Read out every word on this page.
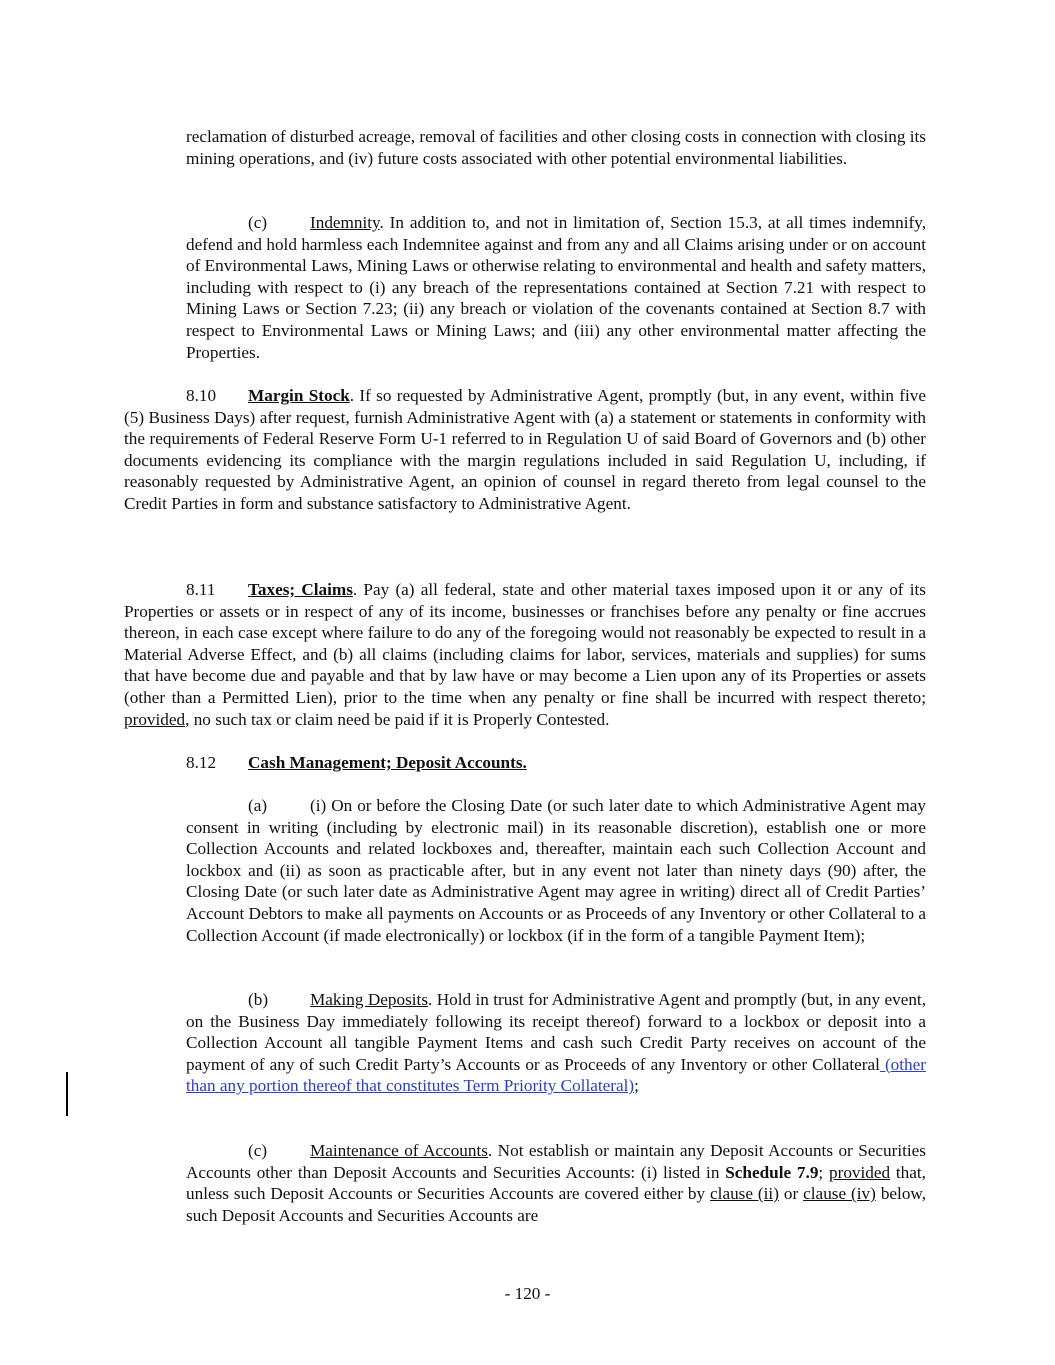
reclamation of disturbed acreage, removal of facilities and other closing costs in connection with closing its mining operations, and (iv) future costs associated with other potential environmental liabilities.

(c) Indemnity. In addition to, and not in limitation of, Section 15.3, at all times indemnify, defend and hold harmless each Indemnitee against and from any and all Claims arising under or on account of Environmental Laws, Mining Laws or otherwise relating to environmental and health and safety matters, including with respect to (i) any breach of the representations contained at Section 7.21 with respect to Mining Laws or Section 7.23; (ii) any breach or violation of the covenants contained at Section 8.7 with respect to Environmental Laws or Mining Laws; and (iii) any other environmental matter affecting the Properties.

8.10 Margin Stock. If so requested by Administrative Agent, promptly (but, in any event, within five (5) Business Days) after request, furnish Administrative Agent with (a) a statement or statements in conformity with the requirements of Federal Reserve Form U-1 referred to in Regulation U of said Board of Governors and (b) other documents evidencing its compliance with the margin regulations included in said Regulation U, including, if reasonably requested by Administrative Agent, an opinion of counsel in regard thereto from legal counsel to the Credit Parties in form and substance satisfactory to Administrative Agent.

8.11 Taxes; Claims. Pay (a) all federal, state and other material taxes imposed upon it or any of its Properties or assets or in respect of any of its income, businesses or franchises before any penalty or fine accrues thereon, in each case except where failure to do any of the foregoing would not reasonably be expected to result in a Material Adverse Effect, and (b) all claims (including claims for labor, services, materials and supplies) for sums that have become due and payable and that by law have or may become a Lien upon any of its Properties or assets (other than a Permitted Lien), prior to the time when any penalty or fine shall be incurred with respect thereto; provided, no such tax or claim need be paid if it is Properly Contested.

8.12 Cash Management; Deposit Accounts.

(a) (i) On or before the Closing Date (or such later date to which Administrative Agent may consent in writing (including by electronic mail) in its reasonable discretion), establish one or more Collection Accounts and related lockboxes and, thereafter, maintain each such Collection Account and lockbox and (ii) as soon as practicable after, but in any event not later than ninety days (90) after, the Closing Date (or such later date as Administrative Agent may agree in writing) direct all of Credit Parties’ Account Debtors to make all payments on Accounts or as Proceeds of any Inventory or other Collateral to a Collection Account (if made electronically) or lockbox (if in the form of a tangible Payment Item);

(b) Making Deposits. Hold in trust for Administrative Agent and promptly (but, in any event, on the Business Day immediately following its receipt thereof) forward to a lockbox or deposit into a Collection Account all tangible Payment Items and cash such Credit Party receives on account of the payment of any of such Credit Party’s Accounts or as Proceeds of any Inventory or other Collateral (other than any portion thereof that constitutes Term Priority Collateral);

(c) Maintenance of Accounts. Not establish or maintain any Deposit Accounts or Securities Accounts other than Deposit Accounts and Securities Accounts: (i) listed in Schedule 7.9; provided that, unless such Deposit Accounts or Securities Accounts are covered either by clause (ii) or clause (iv) below, such Deposit Accounts and Securities Accounts are

- 120 -
